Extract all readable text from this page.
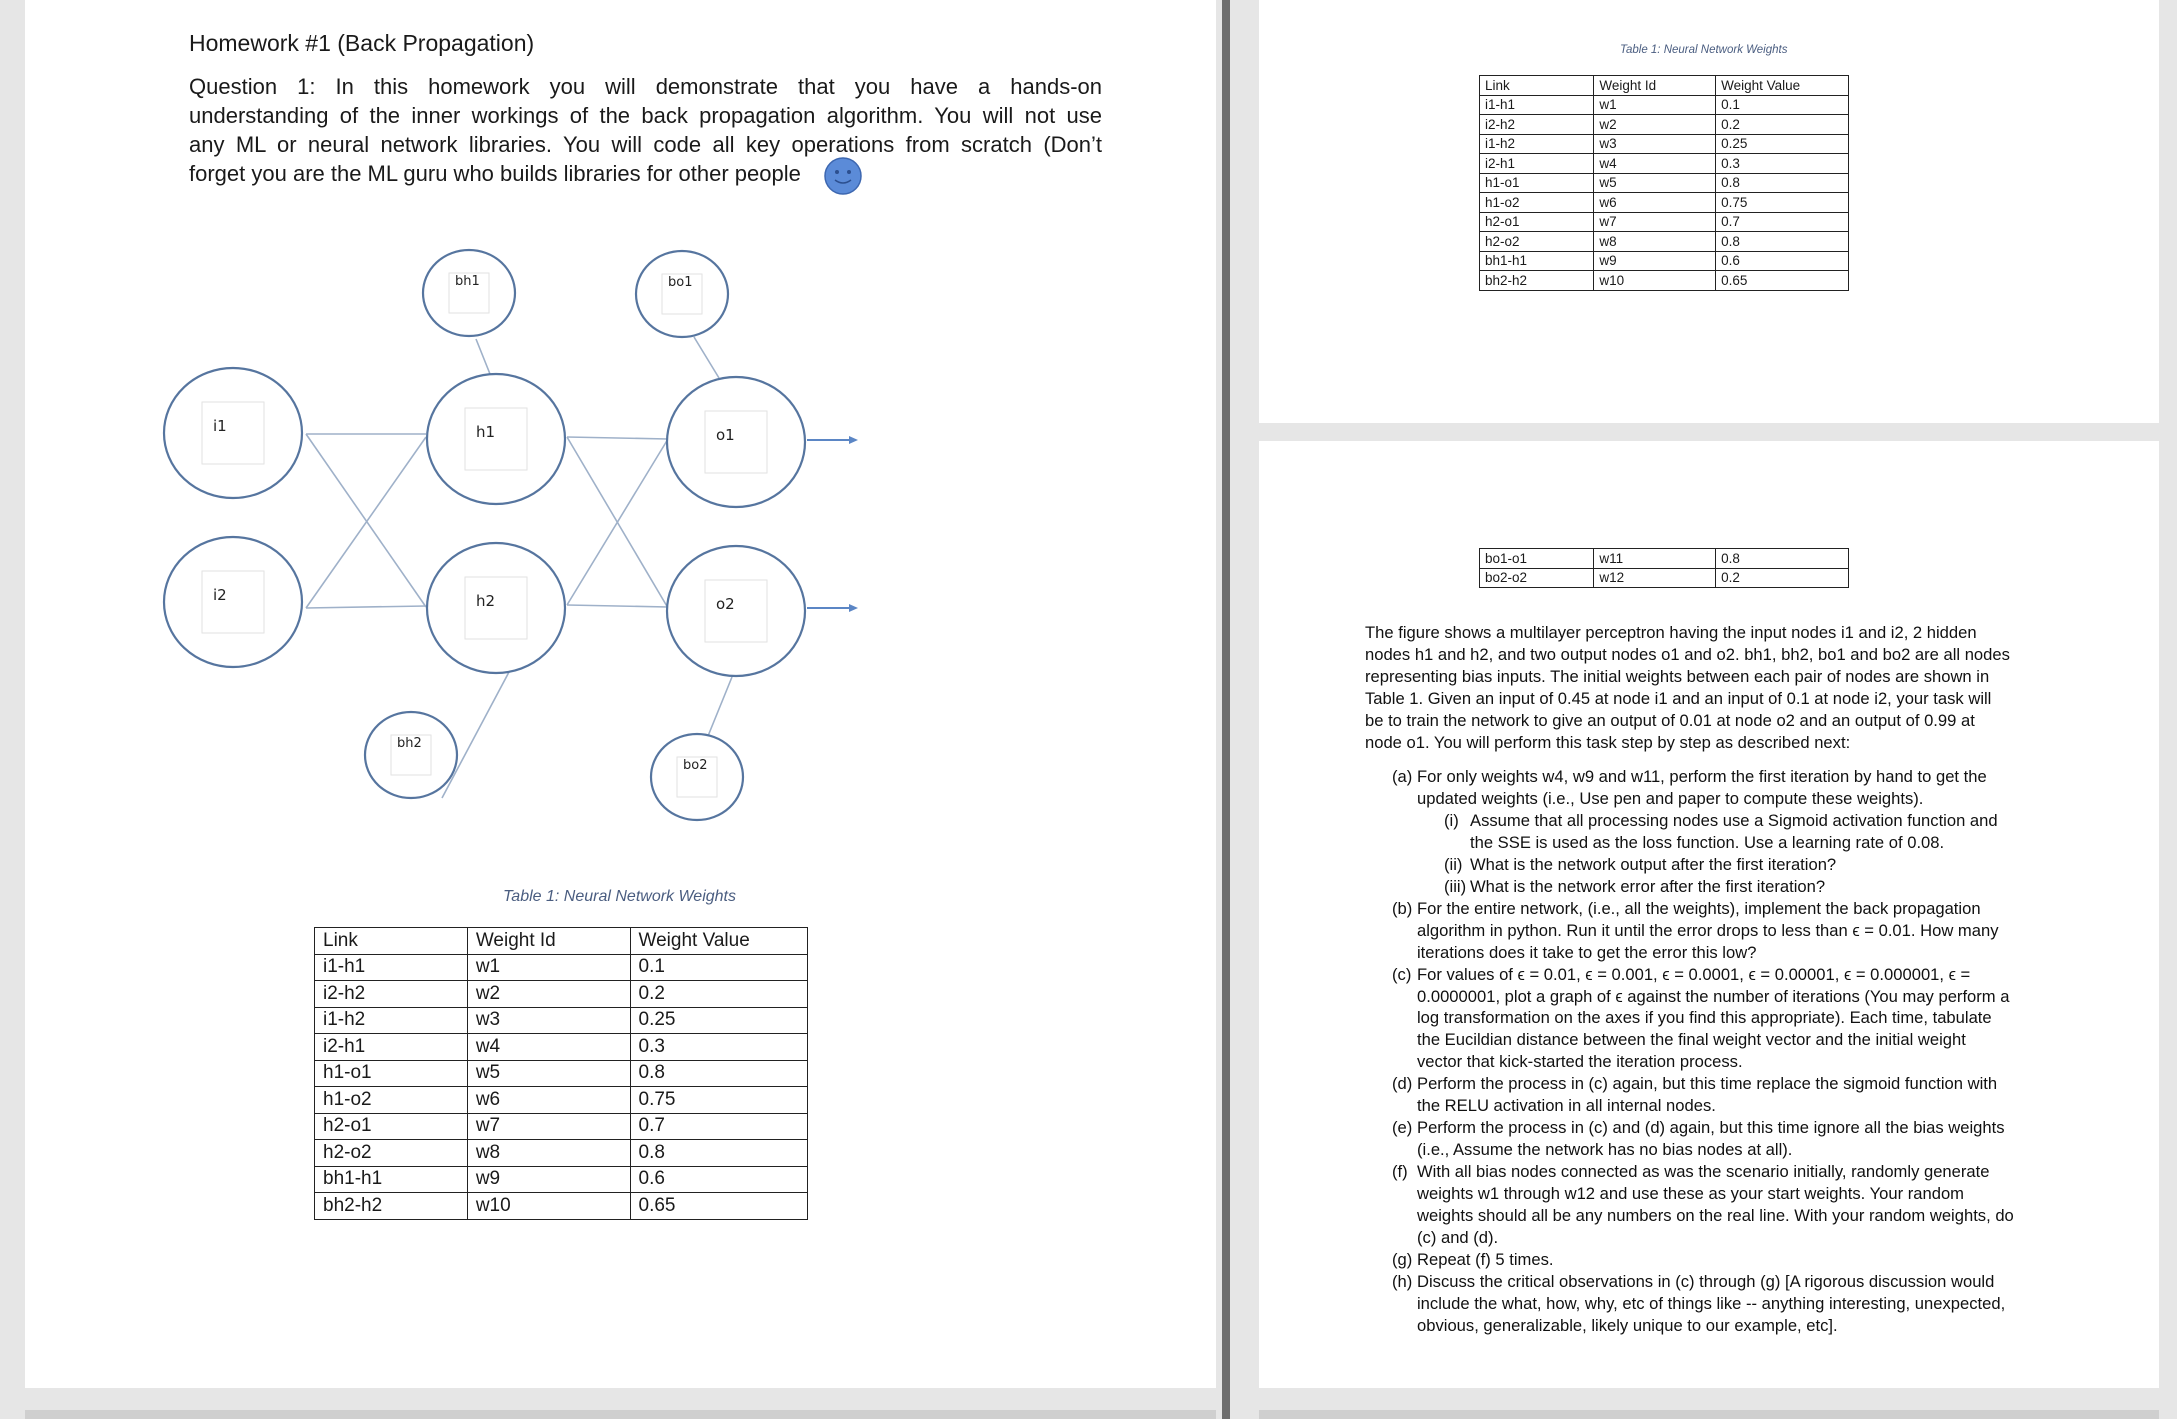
Homework #1 (Back Propagation)
Question 1: In this homework you will demonstrate that you have a hands-on
understanding of the inner workings of the back propagation algorithm. You will not use
any ML or neural network libraries. You will code all key operations from scratch (Don’t
forget you are the ML guru who builds libraries for other people
i1
i2
h1
h2
o1
o2
bh1	bo1
bh2
bo2
Table 1: Neural Network Weights
Link	Weight Id	Weight Value
i1-h1	w1	0.1
i2-h2	w2	0.2
i1-h2	w3	0.25
i2-h1	w4	0.3
h1-o1	w5	0.8
h1-o2	w6	0.75
h2-o1	w7	0.7
h2-o2	w8	0.8
bh1-h1	w9	0.6
bh2-h2	w10	0.65
Table 1: Neural Network Weights
Link	Weight Id	Weight Value
i1-h1	w1	0.1
i2-h2	w2	0.2
i1-h2	w3	0.25
i2-h1	w4	0.3
h1-o1	w5	0.8
h1-o2	w6	0.75
h2-o1	w7	0.7
h2-o2	w8	0.8
bh1-h1	w9	0.6
bh2-h2	w10	0.65
bo1-o1	w11	0.8
bo2-o2	w12	0.2
The figure shows a multilayer perceptron having the input nodes i1 and i2, 2 hidden
nodes h1 and h2, and two output nodes o1 and o2. bh1, bh2, bo1 and bo2 are all nodes
representing bias inputs. The initial weights between each pair of nodes are shown in
Table 1. Given an input of 0.45 at node i1 and an input of 0.1 at node i2, your task will
be to train the network to give an output of 0.01 at node o2 and an output of 0.99 at
node o1. You will perform this task step by step as described next:
(a) For only weights w4, w9 and w11, perform the first iteration by hand to get the
updated weights (i.e., Use pen and paper to compute these weights).
(i) Assume that all processing nodes use a Sigmoid activation function and
the SSE is used as the loss function. Use a learning rate of 0.08.
(ii) What is the network output after the first iteration?
(iii) What is the network error after the first iteration?
(b) For the entire network, (i.e., all the weights), implement the back propagation
algorithm in python. Run it until the error drops to less than ϵ = 0.01. How many
iterations does it take to get the error this low?
(c) For values of ϵ = 0.01, ϵ = 0.001, ϵ = 0.0001, ϵ = 0.00001, ϵ = 0.000001, ϵ =
0.0000001, plot a graph of ϵ against the number of iterations (You may perform a
log transformation on the axes if you find this appropriate). Each time, tabulate
the Eucildian distance between the final weight vector and the initial weight
vector that kick-started the iteration process.
(d) Perform the process in (c) again, but this time replace the sigmoid function with
the RELU activation in all internal nodes.
(e) Perform the process in (c) and (d) again, but this time ignore all the bias weights
(i.e., Assume the network has no bias nodes at all).
(f) With all bias nodes connected as was the scenario initially, randomly generate
weights w1 through w12 and use these as your start weights. Your random
weights should all be any numbers on the real line. With your random weights, do
(c) and (d).
(g) Repeat (f) 5 times.
(h) Discuss the critical observations in (c) through (g) [A rigorous discussion would
include the what, how, why, etc of things like -- anything interesting, unexpected,
obvious, generalizable, likely unique to our example, etc].
